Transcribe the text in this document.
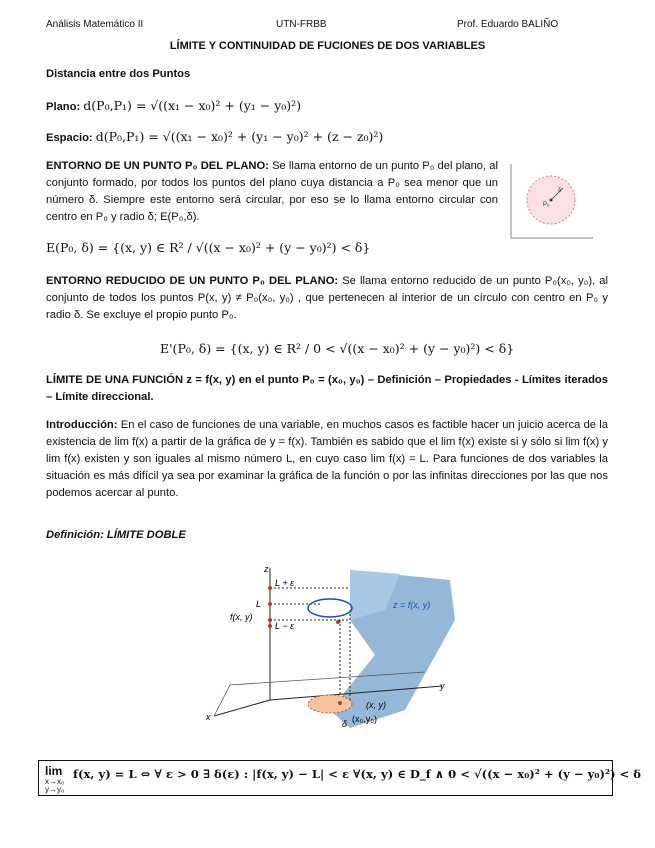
Análisis Matemático II	UTN-FRBB	Prof. Eduardo BALIÑO
LÍMITE Y CONTINUIDAD DE FUCIONES DE DOS VARIABLES
Distancia entre dos Puntos
Plano: d(P₀,P₁) = √((x₁ − x₀)² + (y₁ − y₀)²)
Espacio: d(P₀,P₁) = √((x₁ − x₀)² + (y₁ − y₀)² + (z − z₀)²)
ENTORNO DE UN PUNTO P₀ DEL PLANO: Se llama entorno de un punto P₀ del plano, al conjunto formado, por todos los puntos del plano cuya distancia a P₀ sea menor que un número δ. Siempre este entorno será circular, por eso se lo llama entorno circular con centro en P₀ y radio δ; E(P₀,δ).
δ
P₀
E(P₀, δ) = {(x, y) ∈ R² / √((x − x₀)² + (y − y₀)²) < δ}
ENTORNO REDUCIDO DE UN PUNTO P₀ DEL PLANO: Se llama entorno reducido de un punto P₀(x₀, y₀), al conjunto de todos los puntos P(x, y) ≠ P₀(x₀, y₀) , que pertenecen al interior de un círculo con centro en P₀ y radio δ. Se excluye el propio punto P₀.
E'(P₀, δ) = {(x, y) ∈ R² / 0 < √((x − x₀)² + (y − y₀)²) < δ}
LÍMITE DE UNA FUNCIÓN z = f(x, y) en el punto P₀ = (x₀, y₀) – Definición – Propiedades - Límites iterados – Límite direccional.
Introducción: En el caso de funciones de una variable, en muchos casos es factible hacer un juicio acerca de la existencia de lim f(x) a partir de la gráfica de y = f(x). También es sabido que el lim f(x) existe si y sólo si lim f(x) y lim f(x) existen y son iguales al mismo número L, en cuyo caso lim f(x) = L. Para funciones de dos variables la situación es más difícil ya sea por examinar la gráfica de la función o por las infinitas direcciones por las que nos podemos acercar al punto.
Definición: LÍMITE DOBLE
z
y
x
L + ε
L
L − ε
f(x, y)
z = f(x, y)
(x, y)
δ (x₀,y₀)
lim
x→x₀
y→y₀
f(x, y) = L ⇔ ∀ ε > 0 ∃ δ(ε) : |f(x, y) − L| < ε ∀(x, y) ∈ D_f ∧ 0 < √((x − x₀)² + (y − y₀)²) < δ
